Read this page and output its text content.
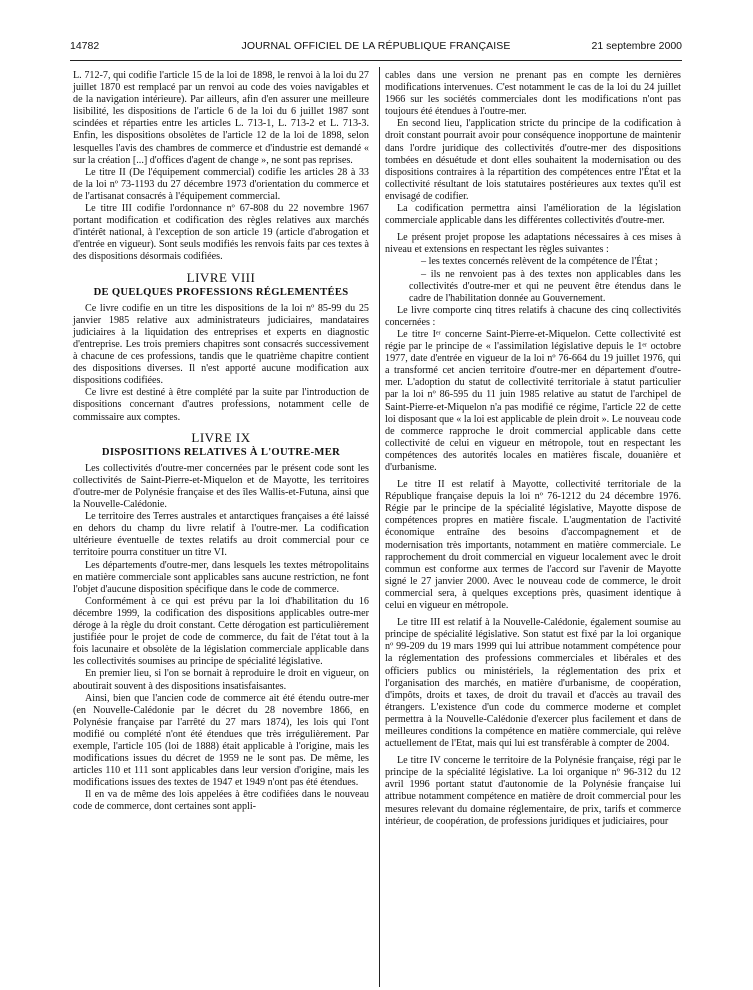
14782	JOURNAL OFFICIEL DE LA RÉPUBLIQUE FRANÇAISE	21 septembre 2000

L. 712-7, qui codifie l'article 15 de la loi de 1898, le renvoi à la loi du 27 juillet 1870 est remplacé par un renvoi au code des voies navigables et de la navigation intérieure). Par ailleurs, afin d'en assurer une meilleure lisibilité, les dispositions de l'article 6 de la loi du 6 juillet 1987 sont scindées et réparties entre les articles L. 713-1, L. 713-2 et L. 713-3. Enfin, les dispositions obsolètes de l'article 12 de la loi de 1898, selon lesquelles l'avis des chambres de commerce et d'industrie est demandé « sur la création [...] d'offices d'agent de change », ne sont pas reprises.

Le titre II (De l'équipement commercial) codifie les articles 28 à 33 de la loi nº 73-1193 du 27 décembre 1973 d'orientation du commerce et de l'artisanat consacrés à l'équipement commercial.

Le titre III codifie l'ordonnance nº 67-808 du 22 novembre 1967 portant modification et codification des règles relatives aux marchés d'intérêt national, à l'exception de son article 19 (article d'abrogation et d'entrée en vigueur). Sont seuls modifiés les renvois faits par ces textes à des dispositions désormais codifiées.

LIVRE VIII
DE QUELQUES PROFESSIONS RÉGLEMENTÉES

Ce livre codifie en un titre les dispositions de la loi nº 85-99 du 25 janvier 1985 relative aux administrateurs judiciaires, mandataires judiciaires à la liquidation des entreprises et experts en diagnostic d'entreprise. Les trois premiers chapitres sont consacrés successivement à chacune de ces professions, tandis que le quatrième chapitre contient des dispositions diverses. Il n'est apporté aucune modification aux dispositions codifiées.

Ce livre est destiné à être complété par la suite par l'introduction de dispositions concernant d'autres professions, notamment celle de commissaire aux comptes.

LIVRE IX
DISPOSITIONS RELATIVES À L'OUTRE-MER

Les collectivités d'outre-mer concernées par le présent code sont les collectivités de Saint-Pierre-et-Miquelon et de Mayotte, les territoires d'outre-mer de Polynésie française et des îles Wallis-et-Futuna, ainsi que la Nouvelle-Calédonie.

Le territoire des Terres australes et antarctiques françaises a été laissé en dehors du champ du livre relatif à l'outre-mer. La codification ultérieure éventuelle de textes relatifs au droit commercial pour ce territoire pourra constituer un titre VI.

Les départements d'outre-mer, dans lesquels les textes métropolitains en matière commerciale sont applicables sans aucune restriction, ne font l'objet d'aucune disposition spécifique dans le code de commerce.

Conformément à ce qui est prévu par la loi d'habilitation du 16 décembre 1999, la codification des dispositions applicables outre-mer déroge à la règle du droit constant. Cette dérogation est particulièrement justifiée pour le projet de code de commerce, du fait de l'état tout à la fois lacunaire et obsolète de la législation commerciale applicable dans les collectivités soumises au principe de spécialité législative.

En premier lieu, si l'on se bornait à reproduire le droit en vigueur, on aboutirait souvent à des dispositions insatisfaisantes.

Ainsi, bien que l'ancien code de commerce ait été étendu outre-mer (en Nouvelle-Calédonie par le décret du 28 novembre 1866, en Polynésie française par l'arrêté du 27 mars 1874), les lois qui l'ont modifié ou complété n'ont été étendues que très irrégulièrement. Par exemple, l'article 105 (loi de 1888) était applicable à l'origine, mais les modifications issues du décret de 1959 ne le sont pas. De même, les articles 110 et 111 sont applicables dans leur version d'origine, mais les modifications issues des textes de 1947 et 1949 n'ont pas été étendues.

Il en va de même des lois appelées à être codifiées dans le nouveau code de commerce, dont certaines sont appli-

cables dans une version ne prenant pas en compte les dernières modifications intervenues. C'est notamment le cas de la loi du 24 juillet 1966 sur les sociétés commerciales dont les modifications n'ont pas toujours été étendues à l'outre-mer.

En second lieu, l'application stricte du principe de la codification à droit constant pourrait avoir pour conséquence inopportune de maintenir dans l'ordre juridique des collectivités d'outre-mer des dispositions tombées en désuétude et dont elles souhaitent la modernisation ou des dispositions contraires à la répartition des compétences entre l'État et la collectivité résultant de lois statutaires postérieures aux textes qu'il est envisagé de codifier.

La codification permettra ainsi l'amélioration de la législation commerciale applicable dans les différentes collectivités d'outre-mer.

Le présent projet propose les adaptations nécessaires à ces mises à niveau et extensions en respectant les règles suivantes :

– les textes concernés relèvent de la compétence de l'État ;

– ils ne renvoient pas à des textes non applicables dans les collectivités d'outre-mer et qui ne peuvent être étendus dans le cadre de l'habilitation donnée au Gouvernement.

Le livre comporte cinq titres relatifs à chacune des cinq collectivités concernées :

Le titre Iᵉʳ concerne Saint-Pierre-et-Miquelon. Cette collectivité est régie par le principe de « l'assimilation législative depuis le 1ᵉʳ octobre 1977, date d'entrée en vigueur de la loi nº 76-664 du 19 juillet 1976, qui a transformé cet ancien territoire d'outre-mer en département d'outre-mer. L'adoption du statut de collectivité territoriale à statut particulier par la loi nº 86-595 du 11 juin 1985 relative au statut de l'archipel de Saint-Pierre-et-Miquelon n'a pas modifié ce régime, l'article 22 de cette loi disposant que « la loi est applicable de plein droit ». Le nouveau code de commerce rapproche le droit commercial applicable dans cette collectivité de celui en vigueur en métropole, tout en respectant les compétences des autorités locales en matières fiscale, douanière et d'urbanisme.

Le titre II est relatif à Mayotte, collectivité territoriale de la République française depuis la loi nº 76-1212 du 24 décembre 1976. Régie par le principe de la spécialité législative, Mayotte dispose de compétences propres en matière fiscale. L'augmentation de l'activité économique entraîne des besoins d'accompagnement et de modernisation très importants, notamment en matière commerciale. Le rapprochement du droit commercial en vigueur localement avec le droit commun est conforme aux termes de l'accord sur l'avenir de Mayotte signé le 27 janvier 2000. Avec le nouveau code de commerce, le droit commercial sera, à quelques exceptions près, quasiment identique à celui en vigueur en métropole.

Le titre III est relatif à la Nouvelle-Calédonie, également soumise au principe de spécialité législative. Son statut est fixé par la loi organique nº 99-209 du 19 mars 1999 qui lui attribue notamment compétence pour la réglementation des professions commerciales et libérales et des officiers publics ou ministériels, la réglementation des prix et l'organisation des marchés, en matière d'urbanisme, de coopération, d'impôts, droits et taxes, de droit du travail et d'accès au travail des étrangers. L'existence d'un code du commerce moderne et complet permettra à la Nouvelle-Calédonie d'exercer plus facilement et dans de meilleures conditions la compétence en matière commerciale, qui relève actuellement de l'Etat, mais qui lui est transférable à compter de 2004.

Le titre IV concerne le territoire de la Polynésie française, régi par le principe de la spécialité législative. La loi organique nº 96-312 du 12 avril 1996 portant statut d'autonomie de la Polynésie française lui attribue notamment compétence en matière de droit commercial pour les mesures relevant du domaine réglementaire, de prix, tarifs et commerce intérieur, de coopération, de professions juridiques et judiciaires, pour
